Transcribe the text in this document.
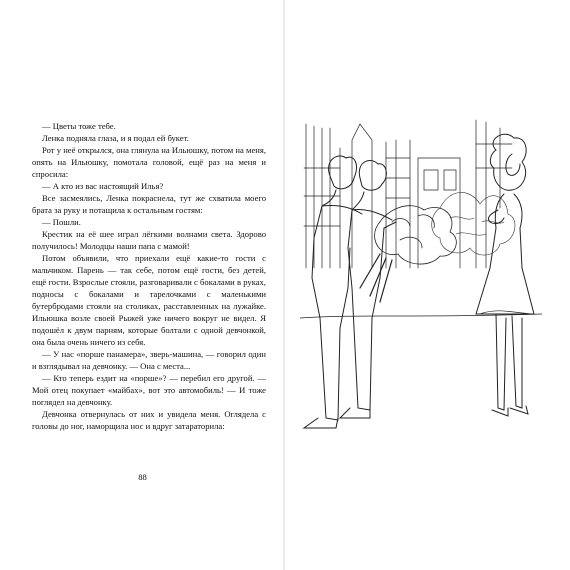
— Цветы тоже тебе.

Ленка подняла глаза, и я подал ей букет.

Рот у неё открылся, она глянула на Ильюшку, потом на меня, опять на Ильюшку, помотала головой, ещё раз на меня и спросила:

— А кто из вас настоящий Илья?

Все засмеялись, Ленка покраснела, тут же схватила моего брата за руку и потащила к остальным гостям:

— Пошли.

Крестик на её шее играл лёгкими волнами света. Здорово получилось! Молодцы наши папа с мамой!

Потом объявили, что приехали ещё какие-то гости с мальчиком. Парень — так себе, потом ещё гости, без детей, ещё гости. Взрослые стояли, разговаривали с бокалами в руках, подносы с бокалами и тарелочками с маленькими бутербродами стояли на столиках, расставленных на лужайке. Ильюшка возле своей Рыжей уже ничего вокруг не видел. Я подошёл к двум парням, которые болтали с одной девчонкой, она была очень ничего из себя.

— У нас «порше панамера», зверь-машина, — говорил один и взглядывал на девчонку. — Она с места...

— Кто теперь ездит на «порше»? — перебил его другой. — Мой отец покупает «майбах», вот это автомобиль! — И тоже поглядел на девчонку.

Девчонка отвернулась от них и увидела меня. Оглядела с головы до ног, наморщила нос и вдруг затараторила:

88
